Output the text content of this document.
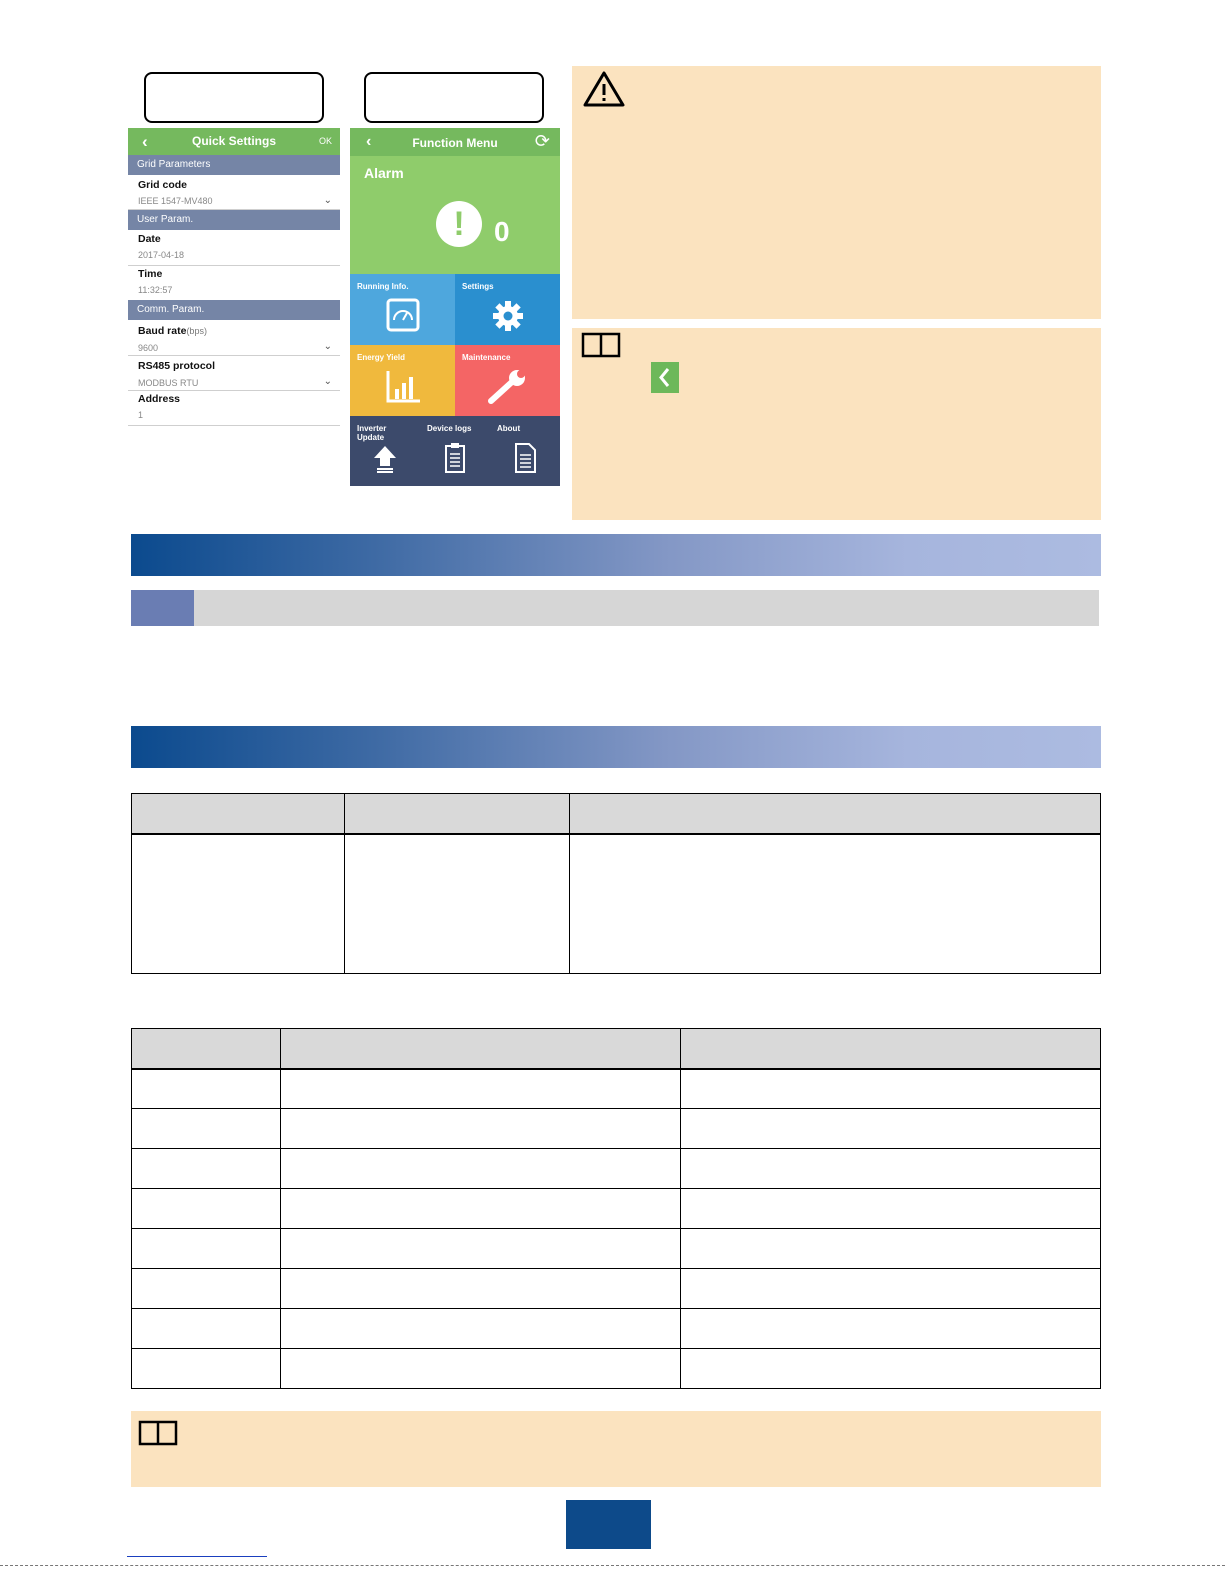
‹	Quick Settings	OK
Grid Parameters
Grid code
IEEE 1547-MV480	⌄
User Param.
Date
2017-04-18
Time
11:32:57
Comm. Param.
Baud rate(bps)
9600	⌄
RS485 protocol
MODBUS RTU	⌄
Address
1
‹	Function Menu	⟳
Alarm
!	0
Running Info.	Settings
Energy Yield	Maintenance
Inverter Update
Device logs	About
